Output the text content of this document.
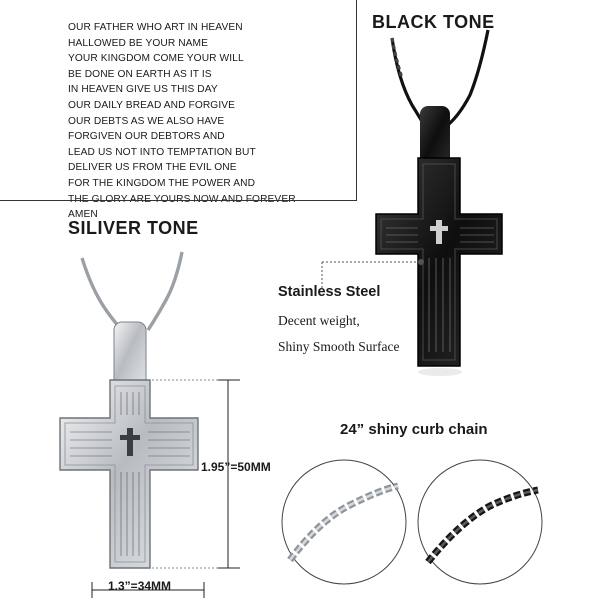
OUR FATHER WHO ART IN HEAVEN
HALLOWED BE YOUR NAME
YOUR KINGDOM COME YOUR WILL
BE DONE ON EARTH AS IT IS
IN HEAVEN GIVE US THIS DAY
OUR DAILY BREAD AND FORGIVE
OUR DEBTS AS WE ALSO HAVE
FORGIVEN OUR DEBTORS AND
LEAD US NOT INTO TEMPTATION BUT
DELIVER US FROM THE EVIL ONE
FOR THE KINGDOM THE POWER AND
AMEN
BLACK TONE
SILIVER TONE
Stainless Steel
Decent weight,
Shiny Smooth Surface
24” shiny curb chain
1.95”=50MM
1.3”=34MM
